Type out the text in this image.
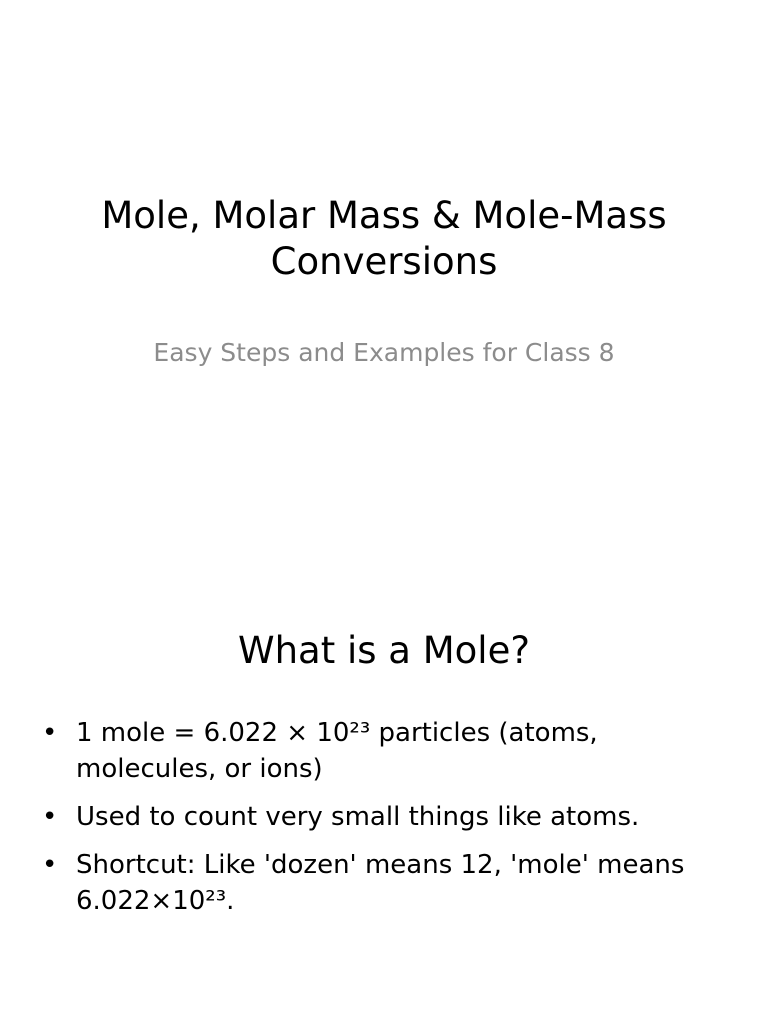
Mole, Molar Mass & Mole-Mass Conversions

Easy Steps and Examples for Class 8

What is a Mole?
• 1 mole = 6.022 × 10²³ particles (atoms, molecules, or ions)
• Used to count very small things like atoms.
• Shortcut: Like 'dozen' means 12, 'mole' means 6.022×10²³.
